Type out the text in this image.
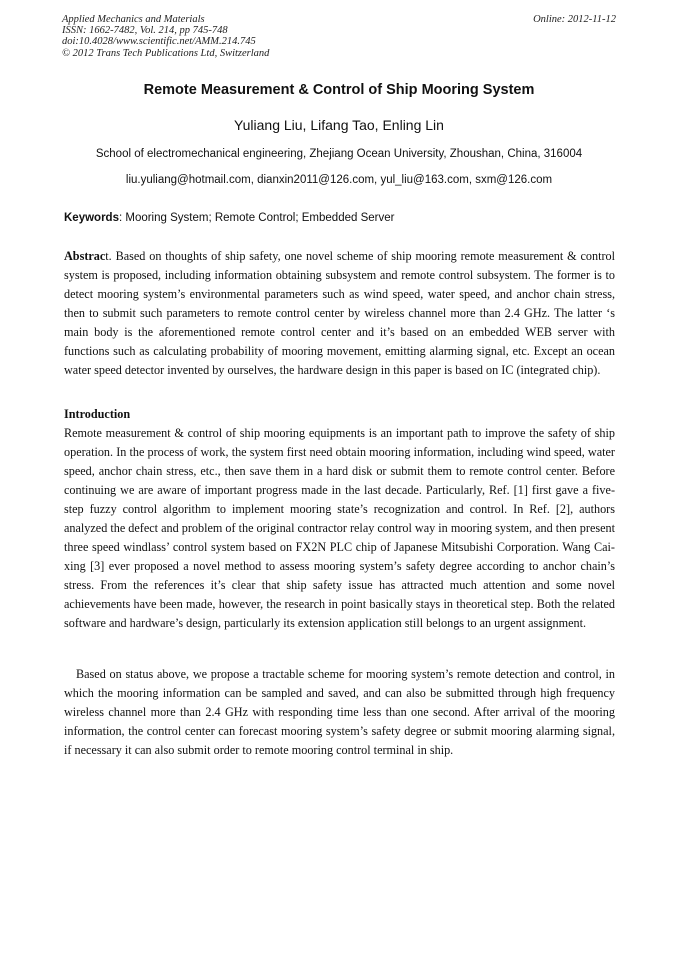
Applied Mechanics and Materials
ISSN: 1662-7482, Vol. 214, pp 745-748
doi:10.4028/www.scientific.net/AMM.214.745
© 2012 Trans Tech Publications Ltd, Switzerland
Online: 2012-11-12
Remote Measurement & Control of Ship Mooring System
Yuliang Liu, Lifang Tao, Enling Lin
School of electromechanical engineering, Zhejiang Ocean University, Zhoushan, China, 316004
liu.yuliang@hotmail.com, dianxin2011@126.com, yul_liu@163.com, sxm@126.com
Keywords: Mooring System; Remote Control; Embedded Server
Abstract. Based on thoughts of ship safety, one novel scheme of ship mooring remote measurement & control system is proposed, including information obtaining subsystem and remote control subsystem. The former is to detect mooring system’s environmental parameters such as wind speed, water speed, and anchor chain stress, then to submit such parameters to remote control center by wireless channel more than 2.4 GHz. The latter ‘s main body is the aforementioned remote control center and it’s based on an embedded WEB server with functions such as calculating probability of mooring movement, emitting alarming signal, etc. Except an ocean water speed detector invented by ourselves, the hardware design in this paper is based on IC (integrated chip).
Introduction
Remote measurement & control of ship mooring equipments is an important path to improve the safety of ship operation. In the process of work, the system first need obtain mooring information, including wind speed, water speed, anchor chain stress, etc., then save them in a hard disk or submit them to remote control center. Before continuing we are aware of important progress made in the last decade. Particularly, Ref. [1] first gave a five-step fuzzy control algorithm to implement mooring state’s recognization and control. In Ref. [2], authors analyzed the defect and problem of the original contractor relay control way in mooring system, and then present three speed windlass’ control system based on FX2N PLC chip of Japanese Mitsubishi Corporation. Wang Cai-xing [3] ever proposed a novel method to assess mooring system’s safety degree according to anchor chain’s stress. From the references it’s clear that ship safety issue has attracted much attention and some novel achievements have been made, however, the research in point basically stays in theoretical step. Both the related software and hardware’s design, particularly its extension application still belongs to an urgent assignment.
Based on status above, we propose a tractable scheme for mooring system’s remote detection and control, in which the mooring information can be sampled and saved, and can also be submitted through high frequency wireless channel more than 2.4 GHz with responding time less than one second. After arrival of the mooring information, the control center can forecast mooring system’s safety degree or submit mooring alarming signal, if necessary it can also submit order to remote mooring control terminal in ship.
